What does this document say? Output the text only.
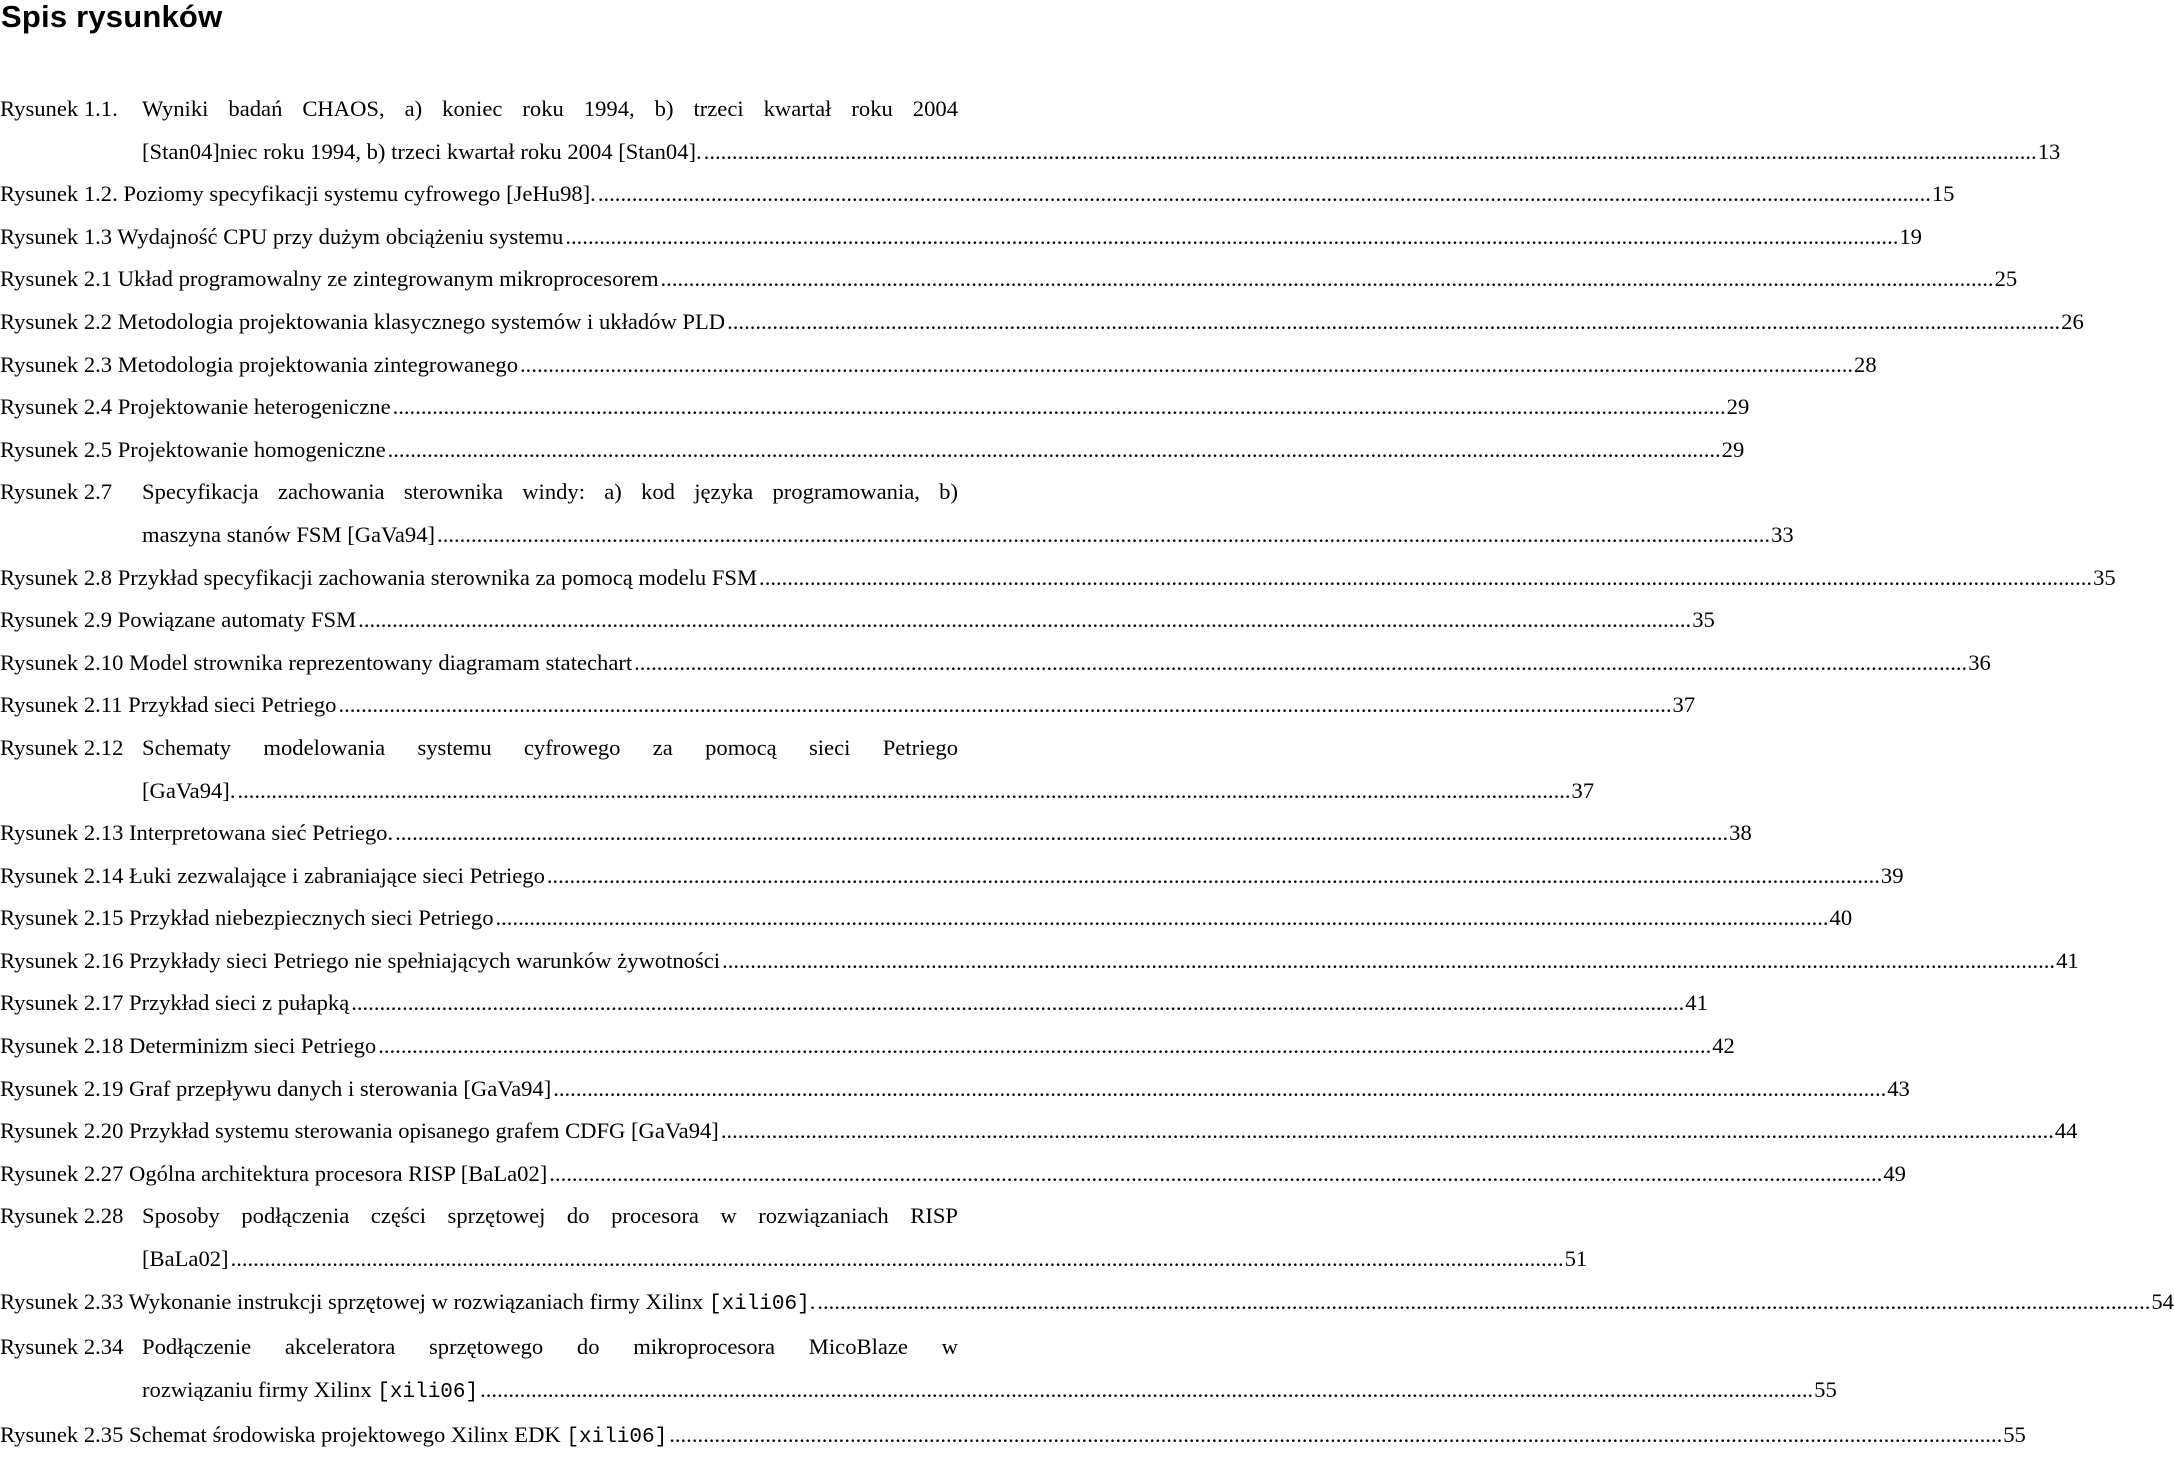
Spis rysunków
Rysunek 1.1. Wyniki badań CHAOS, a) koniec roku 1994, b) trzeci kwartał roku 2004
[Stan04]niec roku 1994, b) trzeci kwartał roku 2004 [Stan04]. .....	13
Rysunek 1.2. Poziomy specyfikacji systemu cyfrowego [JeHu98]. .....	15
Rysunek 1.3 Wydajność CPU przy dużym obciążeniu systemu .....	19
Rysunek 2.1 Układ programowalny ze zintegrowanym mikroprocesorem .....	25
Rysunek 2.2 Metodologia projektowania klasycznego systemów i układów PLD .....	26
Rysunek 2.3 Metodologia projektowania zintegrowanego .....	28
Rysunek 2.4 Projektowanie heterogeniczne .....	29
Rysunek 2.5 Projektowanie homogeniczne .....	29
Rysunek 2.7 Specyfikacja zachowania sterownika windy: a) kod języka programowania, b)
maszyna stanów FSM [GaVa94] .....	33
Rysunek 2.8 Przykład specyfikacji zachowania sterownika za pomocą modelu FSM .....	35
Rysunek 2.9 Powiązane automaty FSM .....	35
Rysunek 2.10 Model strownika reprezentowany diagramam statechart .....	36
Rysunek 2.11 Przykład sieci Petriego .....	37
Rysunek 2.12 Schematy modelowania systemu cyfrowego za pomocą sieci Petriego
[GaVa94]. .....	37
Rysunek 2.13 Interpretowana sieć Petriego. .....	38
Rysunek 2.14 Łuki zezwalające i zabraniające sieci Petriego .....	39
Rysunek 2.15 Przykład niebezpiecznych sieci Petriego .....	40
Rysunek 2.16 Przykłady sieci Petriego nie spełniających warunków żywotności .....	41
Rysunek 2.17 Przykład sieci z pułapką .....	41
Rysunek 2.18 Determinizm sieci Petriego .....	42
Rysunek 2.19 Graf przepływu danych i sterowania [GaVa94] .....	43
Rysunek 2.20 Przykład systemu sterowania opisanego grafem CDFG [GaVa94] .....	44
Rysunek 2.27 Ogólna architektura procesora RISP [BaLa02] .....	49
Rysunek 2.28 Sposoby podłączenia części sprzętowej do procesora w rozwiązaniach RISP
[BaLa02] .....	51
Rysunek 2.33 Wykonanie instrukcji sprzętowej w rozwiązaniach firmy Xilinx [xili06]. .....	54
Rysunek 2.34 Podłączenie akceleratora sprzętowego do mikroprocesora MicoBlaze w
rozwiązaniu firmy Xilinx [xili06] .....	55
Rysunek 2.35 Schemat środowiska projektowego Xilinx EDK [xili06] .....	55
